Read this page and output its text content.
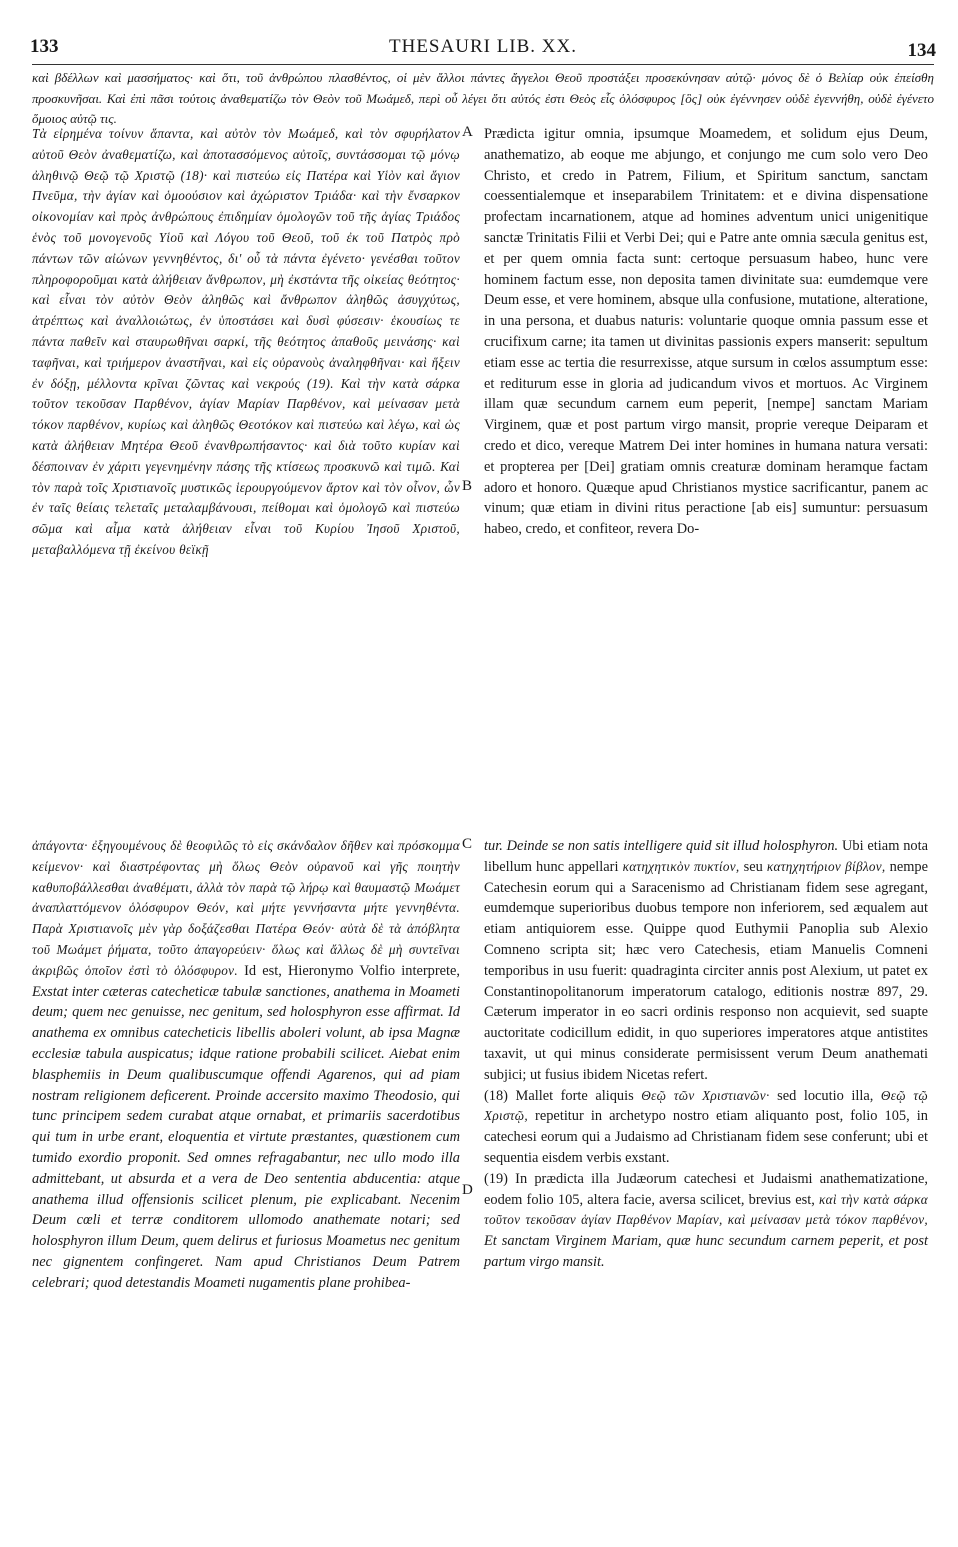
133	THESAURI LIB. XX.	134
καὶ βδέλλων καὶ μασσήματος· καὶ ὅτι, τοῦ ἀνθρώπου πλασθέντος, οἱ μὲν ἄλλοι πάντες ἄγγελοι Θεοῦ προστάξει προσεκύνησαν αὐτῷ· μόνος δὲ ὁ Βελίαρ οὐκ ἐπείσθη προσκυνῆσαι. Καὶ ἐπὶ πᾶσι τούτοις ἀναθεματίζω τὸν Θεὸν τοῦ Μωάμεδ, περὶ οὗ λέγει ὅτι αὐτός ἐστι Θεὸς εἷς ὁλόσφυρος [ὃς] οὐκ ἐγέννησεν οὐδὲ ἐγεννήθη, οὐδὲ ἐγένετο ὅμοιος αὐτῷ τις.
Τὰ εἰρημένα τοίνυν ἅπαντα, καὶ αὐτὸν τὸν Μωάμεδ, καὶ τὸν σφυρήλατον αὐτοῦ Θεὸν ἀναθεματίζω, καὶ ἀποτασσόμενος αὐτοῖς, συντάσσομαι τῷ μόνῳ ἀληθινῷ Θεῷ τῷ Χριστῷ (18)· καὶ πιστεύω εἰς Πατέρα καὶ Υἱὸν καὶ ἅγιον Πνεῦμα, τὴν ἁγίαν καὶ ὁμοούσιον καὶ ἀχώριστον Τριάδα· καὶ τὴν ἔνσαρκον οἰκονομίαν καὶ πρὸς ἀνθρώπους ἐπιδημίαν ὁμολογῶν τοῦ τῆς ἁγίας Τριάδος ἑνὸς τοῦ μονογενοῦς Υἱοῦ καὶ Λόγου τοῦ Θεοῦ, τοῦ ἐκ τοῦ Πατρὸς πρὸ πάντων τῶν αἰώνων γεννηθέντος, δι' οὗ τὰ πάντα ἐγένετο· γενέσθαι τοῦτον πληροφοροῦμαι κατὰ ἀλήθειαν ἄνθρωπον, μὴ ἐκστάντα τῆς οἰκείας θεότητος· καὶ εἶναι τὸν αὐτὸν Θεὸν ἀληθῶς καὶ ἄνθρωπον ἀληθῶς ἀσυγχύτως, ἀτρέπτως καὶ ἀναλλοιώτως, ἐν ὑποστάσει καὶ δυσὶ φύσεσιν· ἑκουσίως τε πάντα παθεῖν καὶ σταυρωθῆναι σαρκί, τῆς θεότητος ἀπαθοῦς μεινάσης· καὶ ταφῆναι, καὶ τριήμερον ἀναστῆναι, καὶ εἰς οὐρανοὺς ἀναληφθῆναι· καὶ ἥξειν ἐν δόξῃ, μέλλοντα κρῖναι ζῶντας καὶ νεκρούς (19). Καὶ τὴν κατὰ σάρκα τοῦτον τεκοῦσαν Παρθένον, ἁγίαν Μαρίαν Παρθένον, καὶ μείνασαν μετὰ τόκον παρθένον, κυρίως καὶ ἀληθῶς Θεοτόκον καὶ πιστεύω καὶ λέγω, καὶ ὡς κατὰ ἀλήθειαν Μητέρα Θεοῦ ἐνανθρωπήσαντος· καὶ διὰ τοῦτο κυρίαν καὶ δέσποιναν ἐν χάριτι γεγενημένην πάσης τῆς κτίσεως προσκυνῶ καὶ τιμῶ. Καὶ τὸν παρὰ τοῖς Χριστιανοῖς μυστικῶς ἱερουργούμενον ἄρτον καὶ τὸν οἶνον, ὧν ἐν ταῖς θείαις τελεταῖς μεταλαμβάνουσι, πείθομαι καὶ ὁμολογῶ καὶ πιστεύω σῶμα καὶ αἷμα κατὰ ἀλήθειαν εἶναι τοῦ Κυρίου Ἰησοῦ Χριστοῦ, μεταβαλλόμενα τῇ ἐκείνου θεϊκῇ
Prædicta igitur omnia, ipsumque Moamedem, et solidum ejus Deum, anathematizo, ab eoque me abjungo, et conjungo me cum solo vero Deo Christo, et credo in Patrem, Filium, et Spiritum sanctum, sanctam coessentialemque et inseparabilem Trinitatem: et e divina dispensatione profectam incarnationem, atque ad homines adventum unici unigenitique sanctæ Trinitatis Filii et Verbi Dei; qui e Patre ante omnia sæcula genitus est, et per quem omnia facta sunt: certoque persuasum habeo, hunc vere hominem factum esse, non deposita tamen divinitate sua: eumdemque vere Deum esse, et vere hominem, absque ulla confusione, mutatione, alteratione, in una persona, et duabus naturis: voluntarie quoque omnia passum esse et crucifixum carne; ita tamen ut divinitas passionis expers manserit: sepultum etiam esse ac tertia die resurrexisse, atque sursum in cœlos assumptum esse: et rediturum esse in gloria ad judicandum vivos et mortuos. Ac Virginem illam quæ secundum carnem eum peperit, [nempe] sanctam Mariam Virginem, quæ et post partum virgo mansit, proprie vereque Deiparam et credo et dico, vereque Matrem Dei inter homines in humana natura versati: et propterea per [Dei] gratiam omnis creaturæ dominam heramque factam adoro et honoro. Quæque apud Christianos mystice sacrificantur, panem ac vinum; quæ etiam in divini ritus peractione [ab eis] sumuntur: persuasum habeo, credo, et confiteor, revera Do-
A
B
C
D
ἀπάγοντα· ἐξηγουμένους δὲ θεοφιλῶς τὸ εἰς σκάνδαλον δῆθεν καὶ πρόσκομμα κείμενον· καὶ διαστρέφοντας μὴ ὅλως Θεὸν οὐρανοῦ καὶ γῆς ποιητὴν καθυποβάλλεσθαι ἀναθέματι, ἀλλὰ τὸν παρὰ τῷ λήρῳ καὶ θαυμαστῷ Μωάμετ ἀναπλαττόμενον ὁλόσφυρον Θεόν, καὶ μήτε γεννήσαντα μήτε γεννηθέντα. Παρὰ Χριστιανοῖς μὲν γὰρ δοξάζεσθαι Πατέρα Θεόν· αὐτὰ δὲ τὰ ἀπόβλητα τοῦ Μωάμετ ῥήματα, τοῦτο ἀπαγορεύειν· ὅλως καὶ ἄλλως δὲ μὴ συντεῖναι ἀκριβῶς ὁποῖον ἐστὶ τὸ ὁλόσφυρον. Id est, Hieronymo Volfio interprete, Exstat inter cæteras catecheticæ tabulæ sanctiones, anathema in Moameti deum; quem nec genuisse, nec genitum, sed holosphyron esse affirmat. Id anathema ex omnibus catecheticis libellis aboleri volunt, ab ipsa Magnæ ecclesiæ tabula auspicatus; idque ratione probabili scilicet. Aiebat enim blasphemiis in Deum qualibuscumque offendi Agarenos, qui ad piam nostram religionem deficerent. Proinde accersito maximo Theodosio, qui tunc principem sedem curabat atque ornabat, et primariis sacerdotibus qui tum in urbe erant, eloquentia et virtute præstantes, quæstionem cum tumido exordio proponit. Sed omnes refragabantur, nec ullo modo illa admittebant, ut absurda et a vera de Deo sententia abducentia: atque anathema illud offensionis scilicet plenum, pie explicabant. Necenim Deum cœli et terræ conditorem ullomodo anathemate notari; sed holosphyron illum Deum, quem delirus et furiosus Moametus nec genitum nec gignentem confingeret. Nam apud Christianos Deum Patrem celebrari; quod detestandis Moameti nugamentis plane prohibea-

tur. Deinde se non satis intelligere quid sit illud holosphyron. Ubi etiam nota libellum hunc appellari κατηχητικὸν πυκτίον, seu κατηχητήριον βίβλον, nempe Catechesin eorum qui a Saracenismo ad Christianam fidem sese agregant, eumdemque superioribus duobus tempore non inferiorem, sed æqualem aut etiam antiquiorem esse. Quippe quod Euthymii Panoplia sub Alexio Comneno scripta sit; hæc vero Catechesis, etiam Manuelis Comneni temporibus in usu fuerit: quadraginta circiter annis post Alexium, ut patet ex Constantinopolitanorum imperatorum catalogo, editionis nostræ 897, 29. Cæterum imperator in eo sacri ordinis responso non acquievit, sed suapte auctoritate codicillum edidit, in quo superiores imperatores atque antistites taxavit, ut qui minus considerate permisissent verum Deum anathemati subjici; ut fusius ibidem Nicetas refert.

(18) Mallet forte aliquis Θεῷ τῶν Χριστιανῶν· sed locutio illa, Θεῷ τῷ Χριστῷ, repetitur in archetypo nostro etiam aliquanto post, folio 105, in catechesi eorum qui a Judaismo ad Christianam fidem sese conferunt; ubi et sequentia eisdem verbis exstant.

(19) In prædicta illa Judæorum catechesi et Judaismi anathematizatione, eodem folio 105, altera facie, aversa scilicet, brevius est, καὶ τὴν κατὰ σάρκα τοῦτον τεκοῦσαν ἁγίαν Παρθένον Μαρίαν, καὶ μείνασαν μετὰ τόκον παρθένον, Et sanctam Virginem Mariam, quæ hunc secundum carnem peperit, et post partum virgo mansit.
